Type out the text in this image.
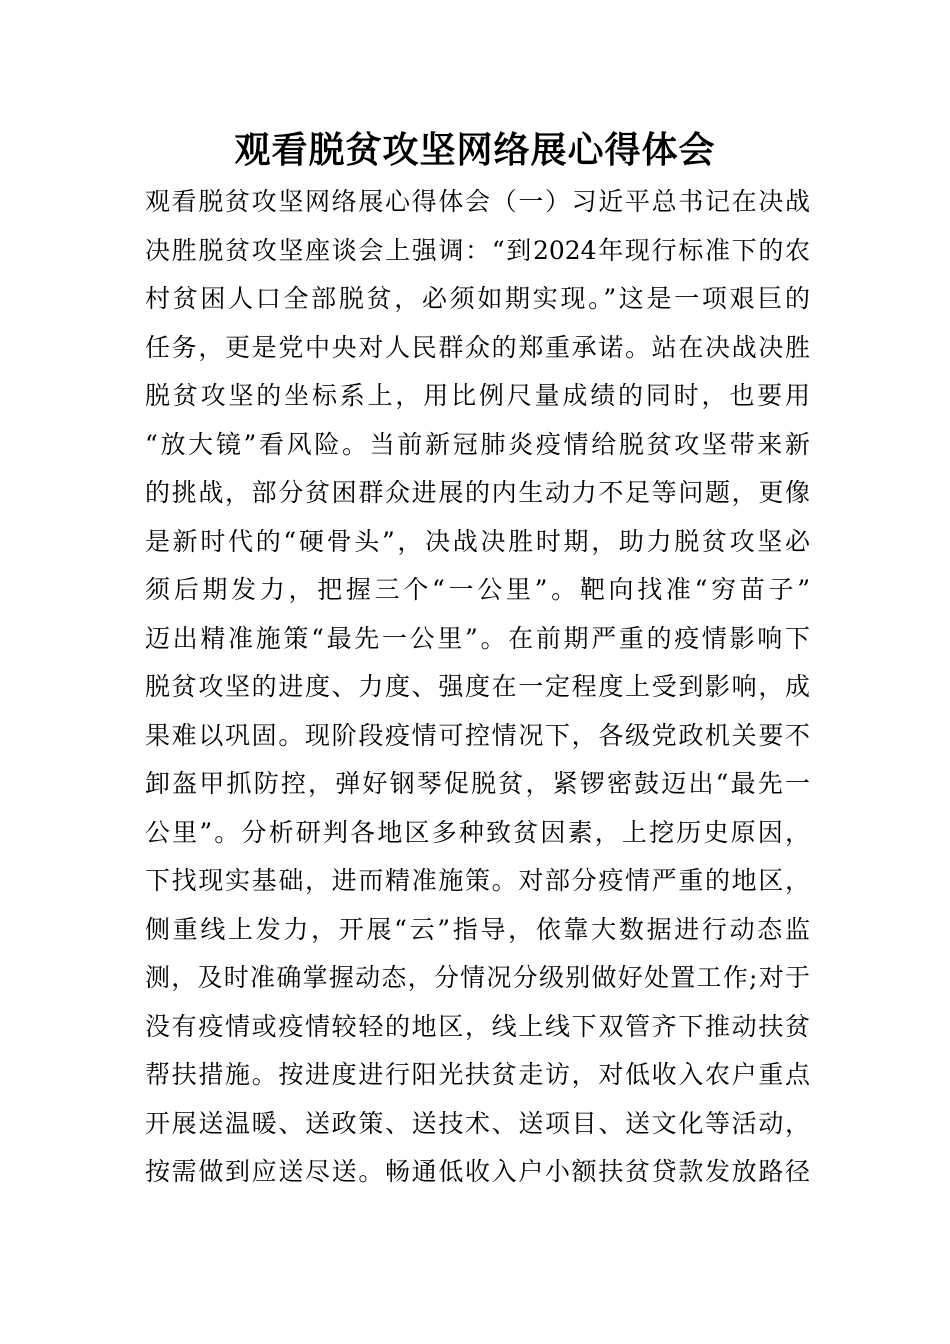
观看脱贫攻坚网络展心得体会
观看脱贫攻坚网络展心得体会（一）习近平总书记在决战
决胜脱贫攻坚座谈会上强调：“到2024年现行标准下的农
村贫困人口全部脱贫，必须如期实现。”这是一项艰巨的
任务，更是党中央对人民群众的郑重承诺。站在决战决胜
脱贫攻坚的坐标系上，用比例尺量成绩的同时，也要用
“放大镜”看风险。当前新冠肺炎疫情给脱贫攻坚带来新
的挑战，部分贫困群众进展的内生动力不足等问题，更像
是新时代的“硬骨头”，决战决胜时期，助力脱贫攻坚必
须后期发力，把握三个“一公里”。靶向找准“穷苗子”
迈出精准施策“最先一公里”。在前期严重的疫情影响下
脱贫攻坚的进度、力度、强度在一定程度上受到影响，成
果难以巩固。现阶段疫情可控情况下，各级党政机关要不
卸盔甲抓防控，弹好钢琴促脱贫，紧锣密鼓迈出“最先一
公里”。分析研判各地区多种致贫因素，上挖历史原因，
下找现实基础，进而精准施策。对部分疫情严重的地区，
侧重线上发力，开展“云”指导，依靠大数据进行动态监
测，及时准确掌握动态，分情况分级别做好处置工作;对于
没有疫情或疫情较轻的地区，线上线下双管齐下推动扶贫
帮扶措施。按进度进行阳光扶贫走访，对低收入农户重点
开展送温暖、送政策、送技术、送项目、送文化等活动，
按需做到应送尽送。畅通低收入户小额扶贫贷款发放路径
